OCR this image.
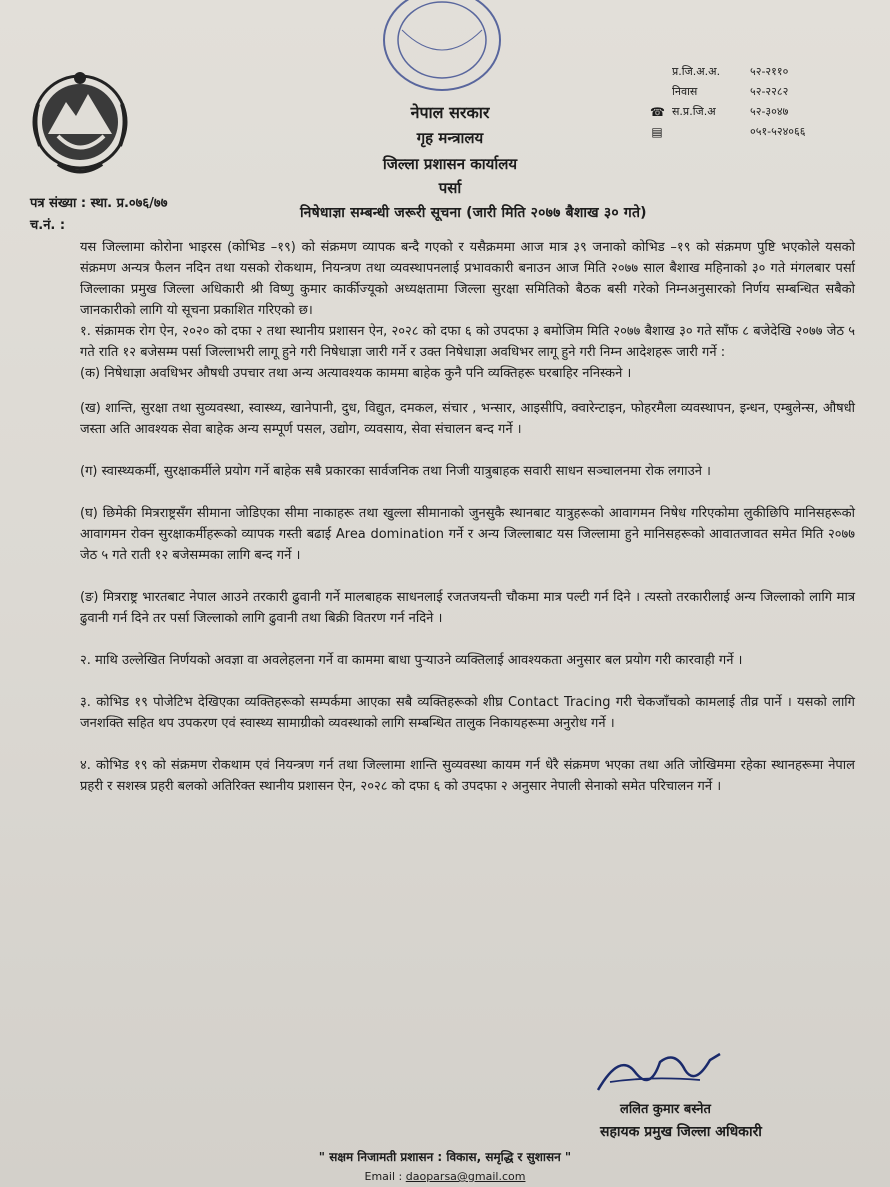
नेपाल सरकार
गृह मन्त्रालय
जिल्ला प्रशासन कार्यालय
पर्सा
प्र.जि.अ.अ.	५२-२११०
निवास	५२-२२८२
☎ स.प्र.जि.अ	५२-३०४७
▤	०५१-५२४०६६
पत्र संख्या : स्था. प्र.०७६/७७
च.नं. :
निषेधाज्ञा सम्बन्धी जरूरी सूचना (जारी मिति २०७७ बैशाख ३० गते)

यस जिल्लामा कोरोना भाइरस (कोभिड –१९) को संक्रमण व्यापक बन्दै गएको र यसैक्रममा आज मात्र ३९ जनाको कोभिड –१९ को संक्रमण पुष्टि भएकोले यसको संक्रमण अन्यत्र फैलन नदिन तथा यसको रोकथाम, नियन्त्रण तथा व्यवस्थापनलाई प्रभावकारी बनाउन आज मिति २०७७ साल बैशाख महिनाको ३० गते मंगलबार पर्सा जिल्लाका प्रमुख जिल्ला अधिकारी श्री विष्णु कुमार कार्कीज्यूको अध्यक्षतामा जिल्ला सुरक्षा समितिको बैठक बसी गरेको निम्नअनुसारको निर्णय सम्बन्धित सबैको जानकारीको लागि यो सूचना प्रकाशित गरिएको छ।

१. संक्रामक रोग ऐन, २०२० को दफा २ तथा स्थानीय प्रशासन ऐन, २०२८ को दफा ६ को उपदफा ३ बमोजिम मिति २०७७ बैशाख ३० गते साँफ ८ बजेदेखि २०७७ जेठ ५ गते राति १२ बजेसम्म पर्सा जिल्लाभरी लागू हुने गरी निषेधाज्ञा जारी गर्ने र उक्त निषेधाज्ञा अवधिभर लागू हुने गरी निम्न आदेशहरू जारी गर्ने :

(क) निषेधाज्ञा अवधिभर औषधी उपचार तथा अन्य अत्यावश्यक काममा बाहेक कुनै पनि व्यक्तिहरू घरबाहिर ननिस्कने ।

(ख) शान्ति, सुरक्षा तथा सुव्यवस्था, स्वास्थ्य, खानेपानी, दुध, विद्युत, दमकल, संचार , भन्सार, आइसीपि, क्वारेन्टाइन, फोहरमैला व्यवस्थापन, इन्धन, एम्बुलेन्स, औषधी जस्ता अति आवश्यक सेवा बाहेक अन्य सम्पूर्ण पसल, उद्योग, व्यवसाय, सेवा संचालन बन्द गर्ने ।

(ग) स्वास्थ्यकर्मी, सुरक्षाकर्मीले प्रयोग गर्ने बाहेक सबै प्रकारका सार्वजनिक तथा निजी यात्रुबाहक सवारी साधन सञ्चालनमा रोक लगाउने ।

(घ) छिमेकी मित्रराष्ट्रसँग सीमाना जोडिएका सीमा नाकाहरू तथा खुल्ला सीमानाको जुनसुकै स्थानबाट यात्रुहरूको आवागमन निषेध गरिएकोमा लुकीछिपि मानिसहरूको आवागमन रोक्न सुरक्षाकर्मीहरूको व्यापक गस्ती बढाई Area domination गर्ने र अन्य जिल्लाबाट यस जिल्लामा हुने मानिसहरूको आवातजावत समेत मिति २०७७ जेठ ५ गते राती १२ बजेसम्मका लागि बन्द गर्ने ।

(ङ) मित्रराष्ट्र भारतबाट नेपाल आउने तरकारी ढुवानी गर्ने मालबाहक साधनलाई रजतजयन्ती चौकमा मात्र पल्टी गर्न दिने । त्यस्तो तरकारीलाई अन्य जिल्लाको लागि मात्र ढुवानी गर्न दिने तर पर्सा जिल्लाको लागि ढुवानी तथा बिक्री वितरण गर्न नदिने ।

२. माथि उल्लेखित निर्णयको अवज्ञा वा अवलेहलना गर्ने वा काममा बाधा पुर्‍याउने व्यक्तिलाई आवश्यकता अनुसार बल प्रयोग गरी कारवाही गर्ने ।

३. कोभिड १९ पोजेटिभ देखिएका व्यक्तिहरूको सम्पर्कमा आएका सबै व्यक्तिहरूको शीघ्र Contact Tracing गरी चेकजाँचको कामलाई तीव्र पार्ने । यसको लागि जनशक्ति सहित थप उपकरण एवं स्वास्थ्य सामाग्रीको व्यवस्थाको लागि सम्बन्धित तालुक निकायहरूमा अनुरोध गर्ने ।

४. कोभिड १९ को संक्रमण रोकथाम एवं नियन्त्रण गर्न तथा जिल्लामा शान्ति सुव्यवस्था कायम गर्न धेरै संक्रमण भएका तथा अति जोखिममा रहेका स्थानहरूमा नेपाल प्रहरी र सशस्त्र प्रहरी बलको अतिरिक्त स्थानीय प्रशासन ऐन, २०२८ को दफा ६ को उपदफा २ अनुसार नेपाली सेनाको समेत परिचालन गर्ने ।

ललित कुमार बस्नेत
सहायक प्रमुख जिल्ला अधिकारी
" सक्षम निजामती प्रशासन : विकास, समृद्धि र सुशासन "
Email : daoparsa@gmail.com
